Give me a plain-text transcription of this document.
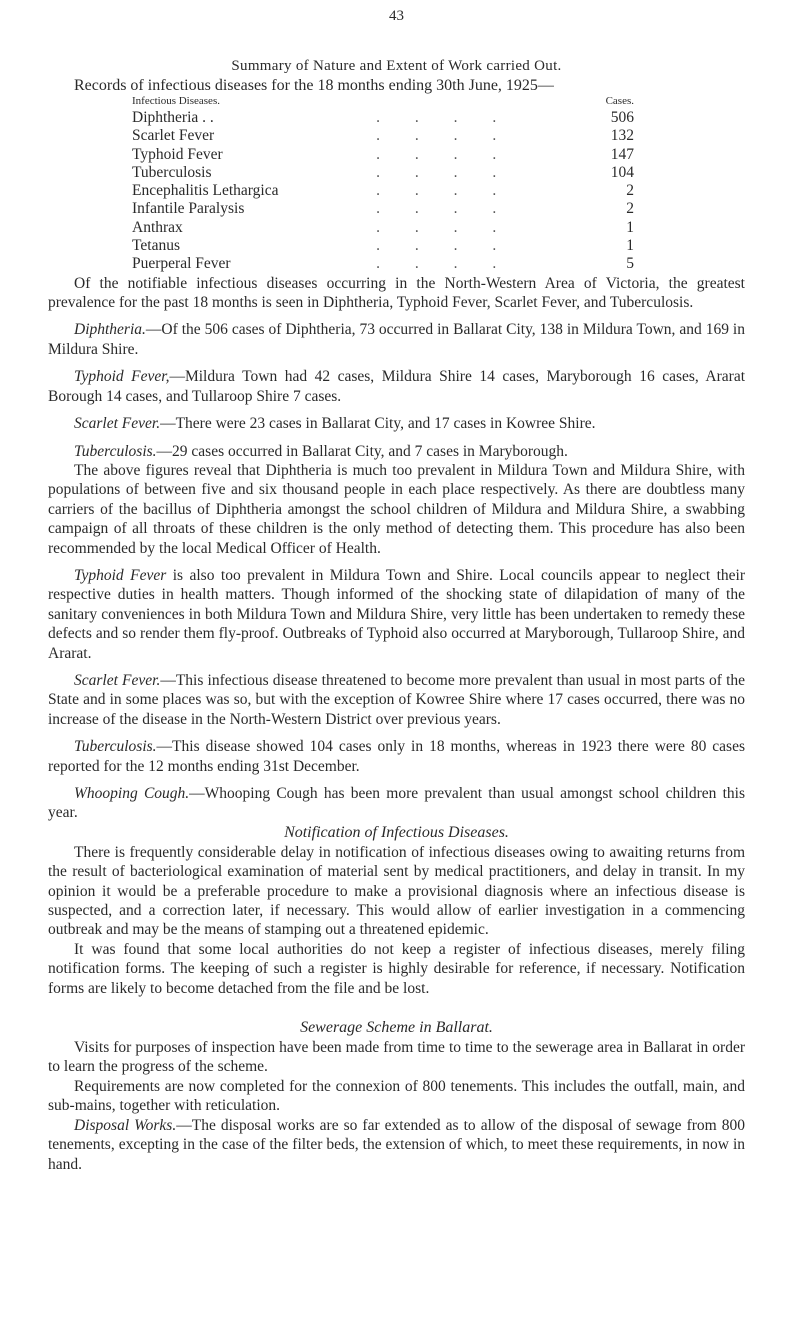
43
Summary of Nature and Extent of Work carried Out.
Records of infectious diseases for the 18 months ending 30th June, 1925—
Infectious Diseases.		Cases.
Diphtheria . .	.         .         .         .	506
Scarlet Fever	.         .         .         .	132
Typhoid Fever	.         .         .         .	147
Tuberculosis	.         .         .         .	104
Encephalitis Lethargica	.         .         .         .	2
Infantile Paralysis	.         .         .         .	2
Anthrax	.         .         .         .	1
Tetanus	.         .         .         .	1
Puerperal Fever	.         .         .         .	5

Of the notifiable infectious diseases occurring in the North-Western Area of Victoria, the greatest prevalence for the past 18 months is seen in Diphtheria, Typhoid Fever, Scarlet Fever, and Tuberculosis.

Diphtheria.—Of the 506 cases of Diphtheria, 73 occurred in Ballarat City, 138 in Mildura Town, and 169 in Mildura Shire.

Typhoid Fever,—Mildura Town had 42 cases, Mildura Shire 14 cases, Maryborough 16 cases, Ararat Borough 14 cases, and Tullaroop Shire 7 cases.

Scarlet Fever.—There were 23 cases in Ballarat City, and 17 cases in Kowree Shire.

Tuberculosis.—29 cases occurred in Ballarat City, and 7 cases in Maryborough.

The above figures reveal that Diphtheria is much too prevalent in Mildura Town and Mildura Shire, with populations of between five and six thousand people in each place respectively. As there are doubtless many carriers of the bacillus of Diphtheria amongst the school children of Mildura and Mildura Shire, a swabbing campaign of all throats of these children is the only method of detecting them. This procedure has also been recommended by the local Medical Officer of Health.

Typhoid Fever is also too prevalent in Mildura Town and Shire. Local councils appear to neglect their respective duties in health matters. Though informed of the shocking state of dilapidation of many of the sanitary conveniences in both Mildura Town and Mildura Shire, very little has been undertaken to remedy these defects and so render them fly-proof. Outbreaks of Typhoid also occurred at Maryborough, Tullaroop Shire, and Ararat.

Scarlet Fever.—This infectious disease threatened to become more prevalent than usual in most parts of the State and in some places was so, but with the exception of Kowree Shire where 17 cases occurred, there was no increase of the disease in the North-Western District over previous years.

Tuberculosis.—This disease showed 104 cases only in 18 months, whereas in 1923 there were 80 cases reported for the 12 months ending 31st December.

Whooping Cough.—Whooping Cough has been more prevalent than usual amongst school children this year.

Notification of Infectious Diseases.

There is frequently considerable delay in notification of infectious diseases owing to awaiting returns from the result of bacteriological examination of material sent by medical practitioners, and delay in transit. In my opinion it would be a preferable procedure to make a provisional diagnosis where an infectious disease is suspected, and a correction later, if necessary. This would allow of earlier investigation in a commencing outbreak and may be the means of stamping out a threatened epidemic.

It was found that some local authorities do not keep a register of infectious diseases, merely filing notification forms. The keeping of such a register is highly desirable for reference, if necessary. Notification forms are likely to become detached from the file and be lost.

Sewerage Scheme in Ballarat.

Visits for purposes of inspection have been made from time to time to the sewerage area in Ballarat in order to learn the progress of the scheme.

Requirements are now completed for the connexion of 800 tenements. This includes the outfall, main, and sub-mains, together with reticulation.

Disposal Works.—The disposal works are so far extended as to allow of the disposal of sewage from 800 tenements, excepting in the case of the filter beds, the extension of which, to meet these requirements, in now in hand.
